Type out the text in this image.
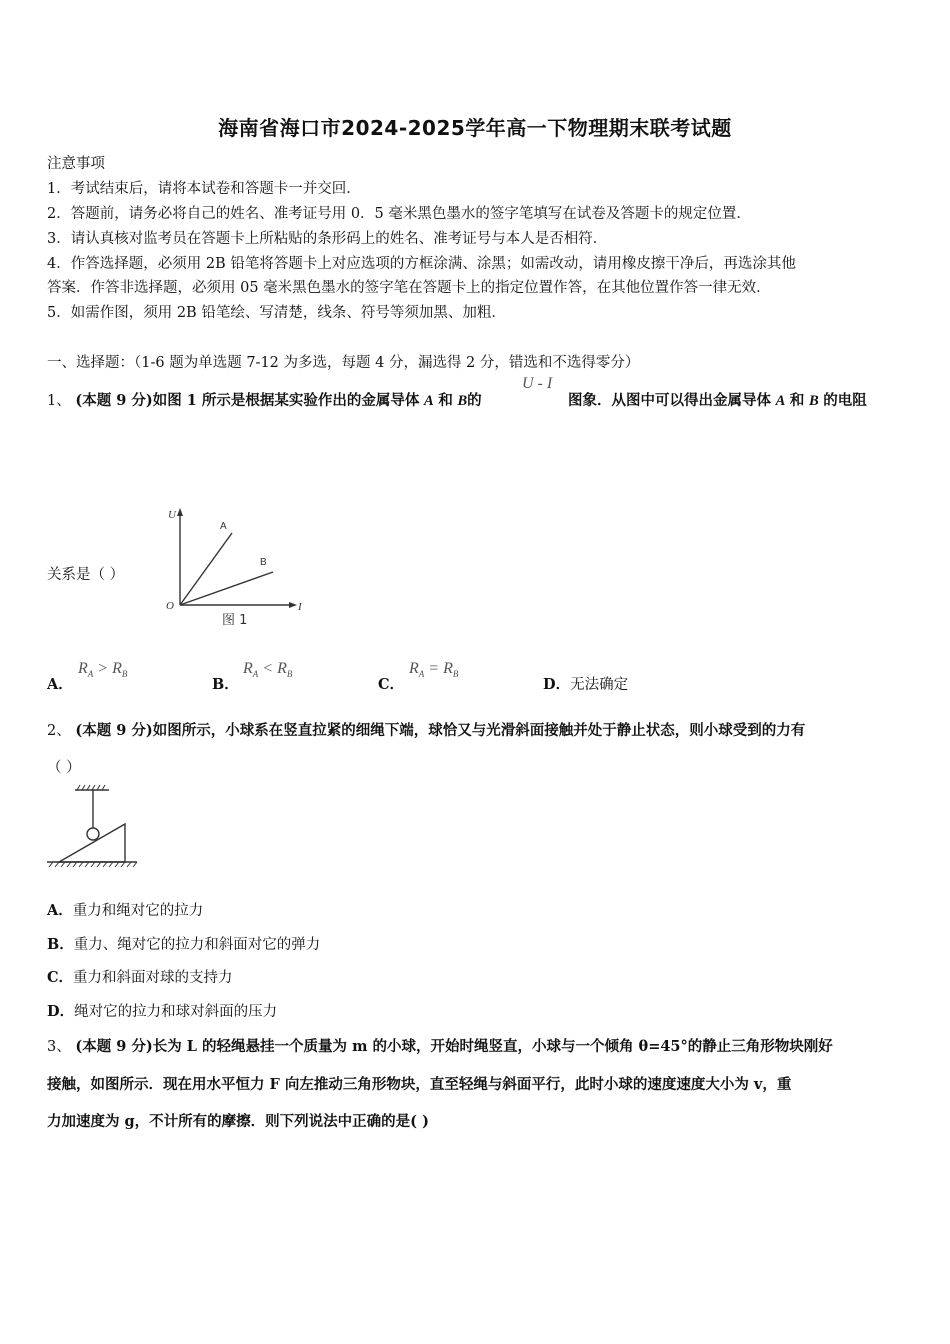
海南省海口市2024-2025学年高一下物理期末联考试题
注意事项
1．考试结束后，请将本试卷和答题卡一并交回．
2．答题前，请务必将自己的姓名、准考证号用 0．5 毫米黑色墨水的签字笔填写在试卷及答题卡的规定位置．
3．请认真核对监考员在答题卡上所粘贴的条形码上的姓名、准考证号与本人是否相符．
4．作答选择题，必须用 2B 铅笔将答题卡上对应选项的方框涂满、涂黑；如需改动，请用橡皮擦干净后，再选涂其他
答案．作答非选择题，必须用 05 毫米黑色墨水的签字笔在答题卡上的指定位置作答，在其他位置作答一律无效．
5．如需作图，须用 2B 铅笔绘、写清楚，线条、符号等须加黑、加粗．
一、选择题：（1-6 题为单选题 7-12 为多选，每题 4 分，漏选得 2 分，错选和不选得零分）
1、 (本题 9 分)如图 1 所示是根据某实验作出的金属导体 A 和 B的
U - I
图象．从图中可以得出金属导体 A 和 B 的电阻
关系是（ ）
U
I
O
A
B
图 1
A．
$R_A > R_B$
B．
$R_A < R_B$
C．
$R_A = R_B$
D．无法确定
2、 (本题 9 分)如图所示，小球系在竖直拉紧的细绳下端，球恰又与光滑斜面接触并处于静止状态，则小球受到的力有
（ ）
A．重力和绳对它的拉力
B．重力、绳对它的拉力和斜面对它的弹力
C．重力和斜面对球的支持力
D．绳对它的拉力和球对斜面的压力
3、 (本题 9 分)长为 L 的轻绳悬挂一个质量为 m 的小球，开始时绳竖直，小球与一个倾角 θ=45°的静止三角形物块刚好
接触，如图所示．现在用水平恒力 F 向左推动三角形物块，直至轻绳与斜面平行，此时小球的速度速度大小为 v，重
力加速度为 g，不计所有的摩擦．则下列说法中正确的是( )
